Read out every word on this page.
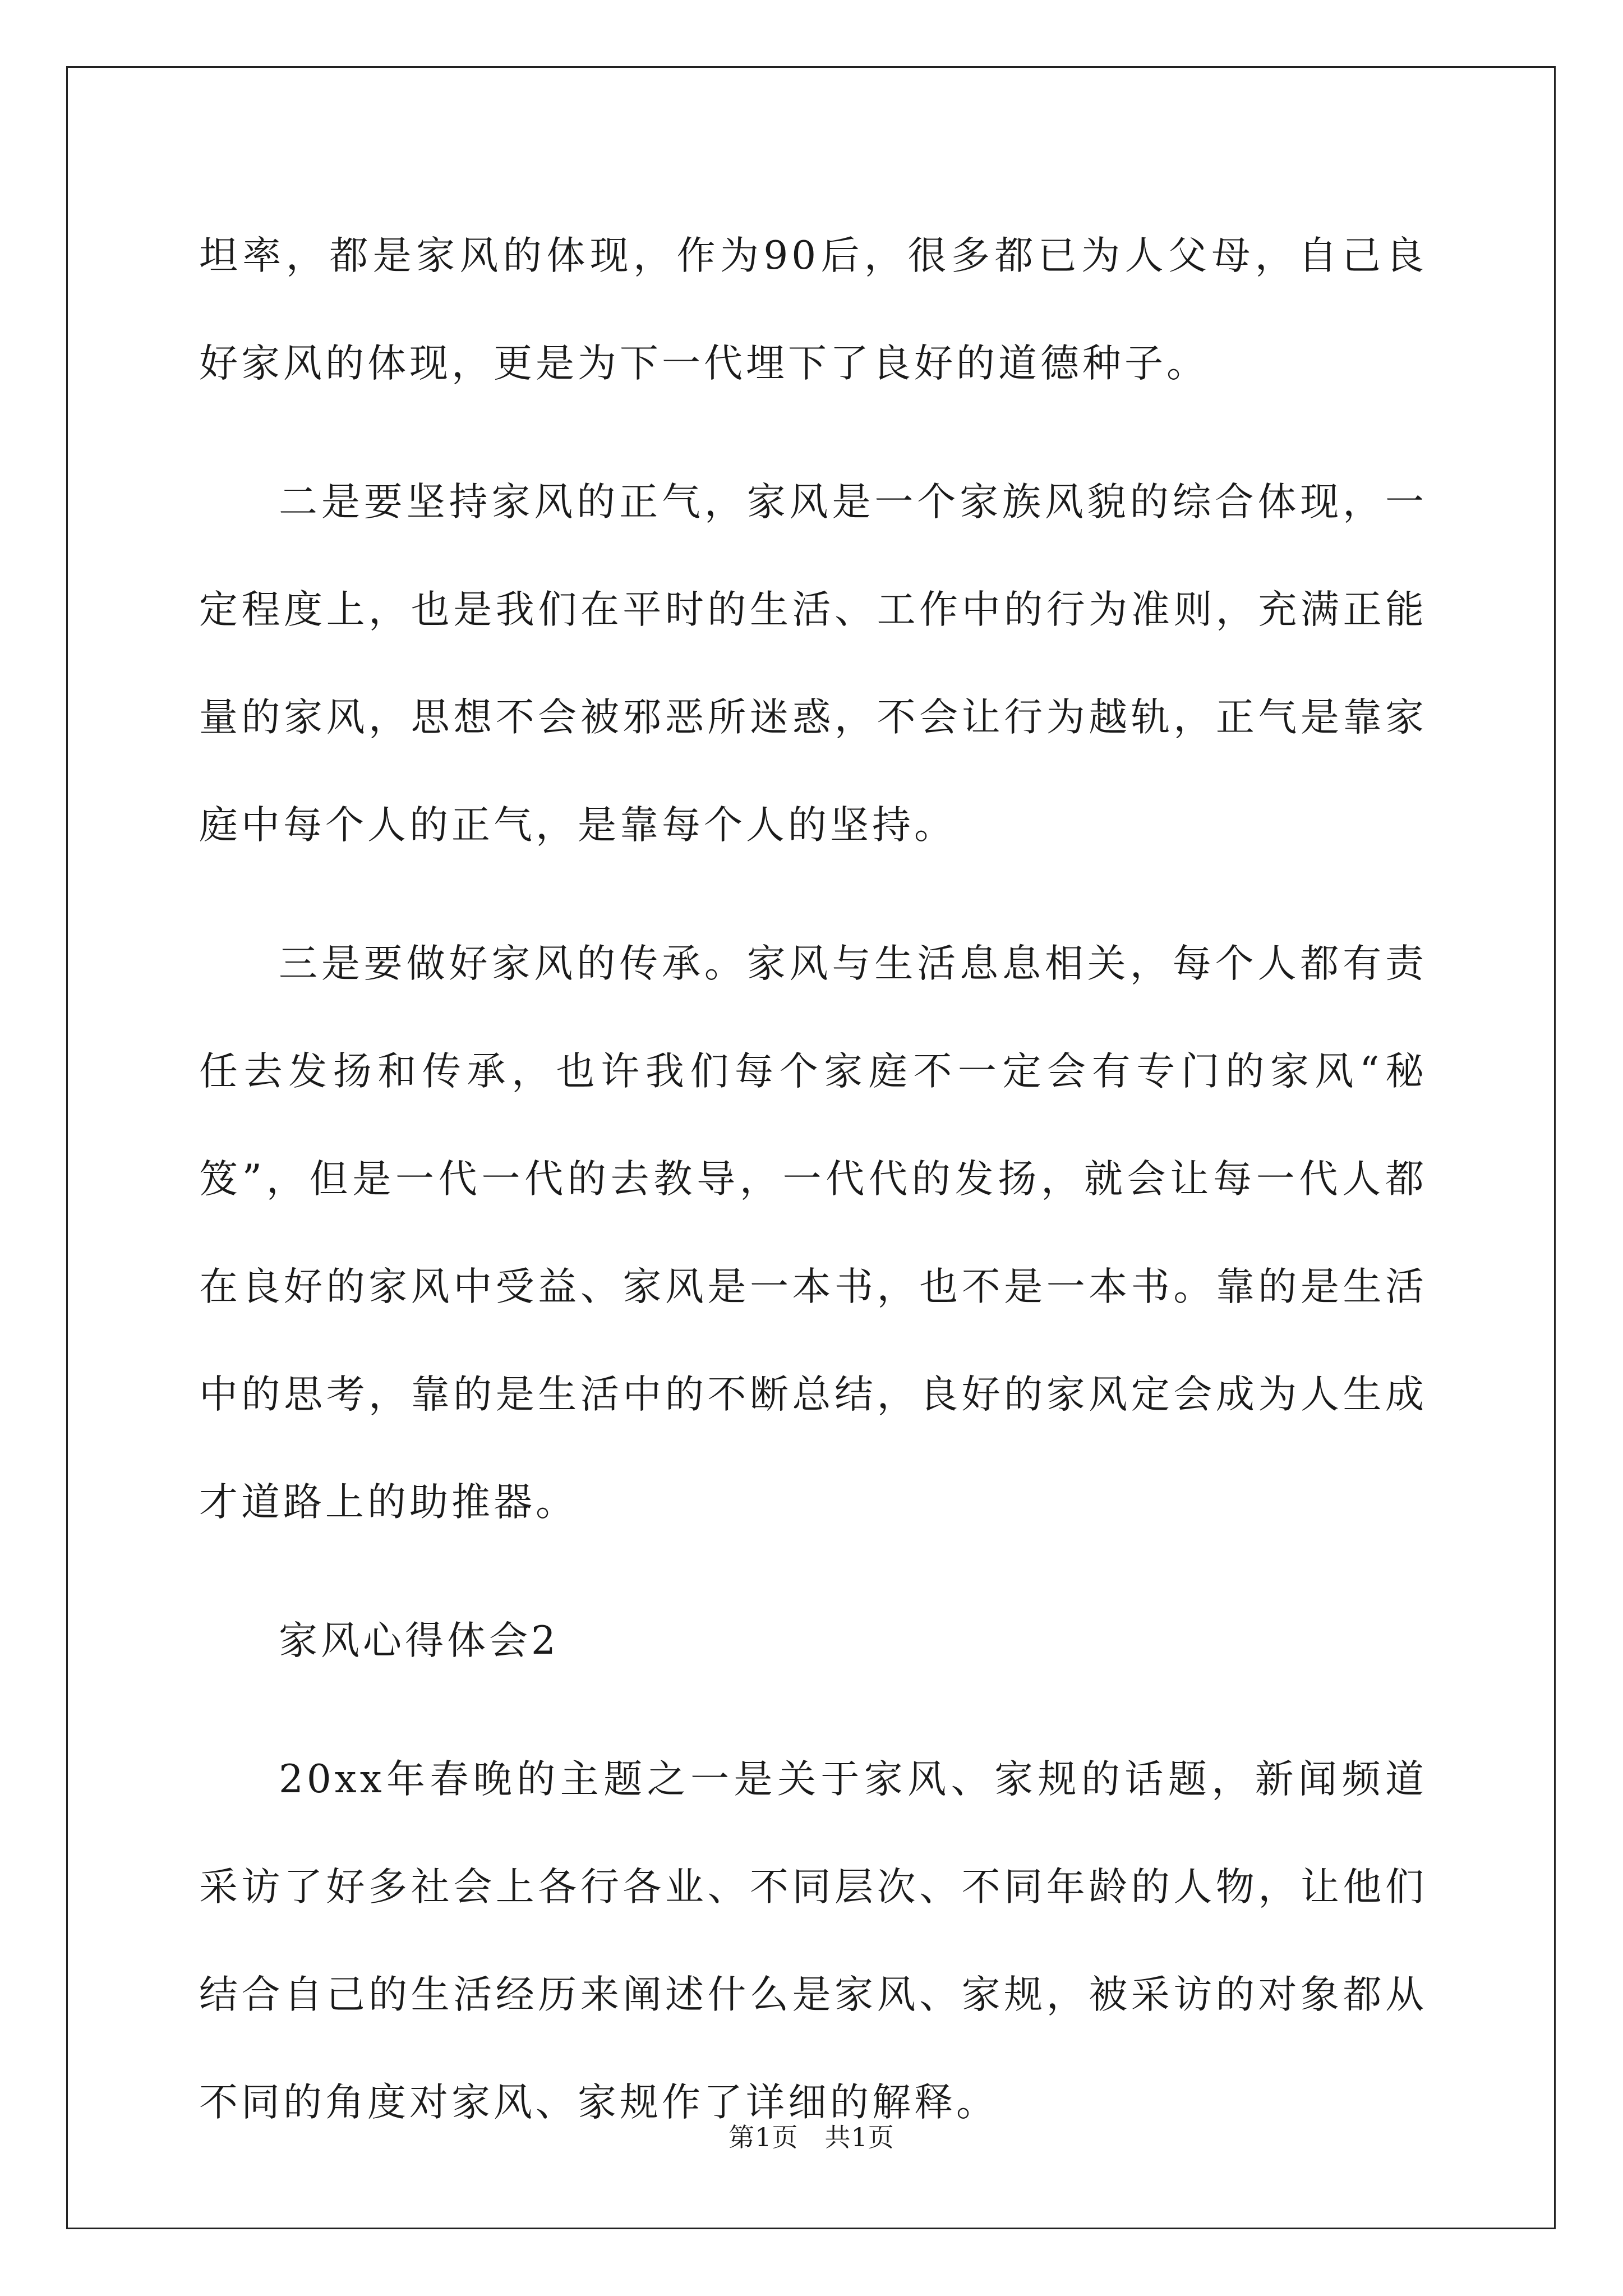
坦率，都是家风的体现，作为90后，很多都已为人父母，自己良好家风的体现，更是为下一代埋下了良好的道德种子。

二是要坚持家风的正气，家风是一个家族风貌的综合体现，一定程度上，也是我们在平时的生活、工作中的行为准则，充满正能量的家风，思想不会被邪恶所迷惑，不会让行为越轨，正气是靠家庭中每个人的正气，是靠每个人的坚持。

三是要做好家风的传承。家风与生活息息相关，每个人都有责任去发扬和传承，也许我们每个家庭不一定会有专门的家风“秘笈”，但是一代一代的去教导，一代代的发扬，就会让每一代人都在良好的家风中受益、家风是一本书，也不是一本书。靠的是生活中的思考，靠的是生活中的不断总结，良好的家风定会成为人生成才道路上的助推器。

家风心得体会2

20xx年春晚的主题之一是关于家风、家规的话题，新闻频道采访了好多社会上各行各业、不同层次、不同年龄的人物，让他们结合自己的生活经历来阐述什么是家风、家规，被采访的对象都从不同的角度对家风、家规作了详细的解释。

第1页 共1页
